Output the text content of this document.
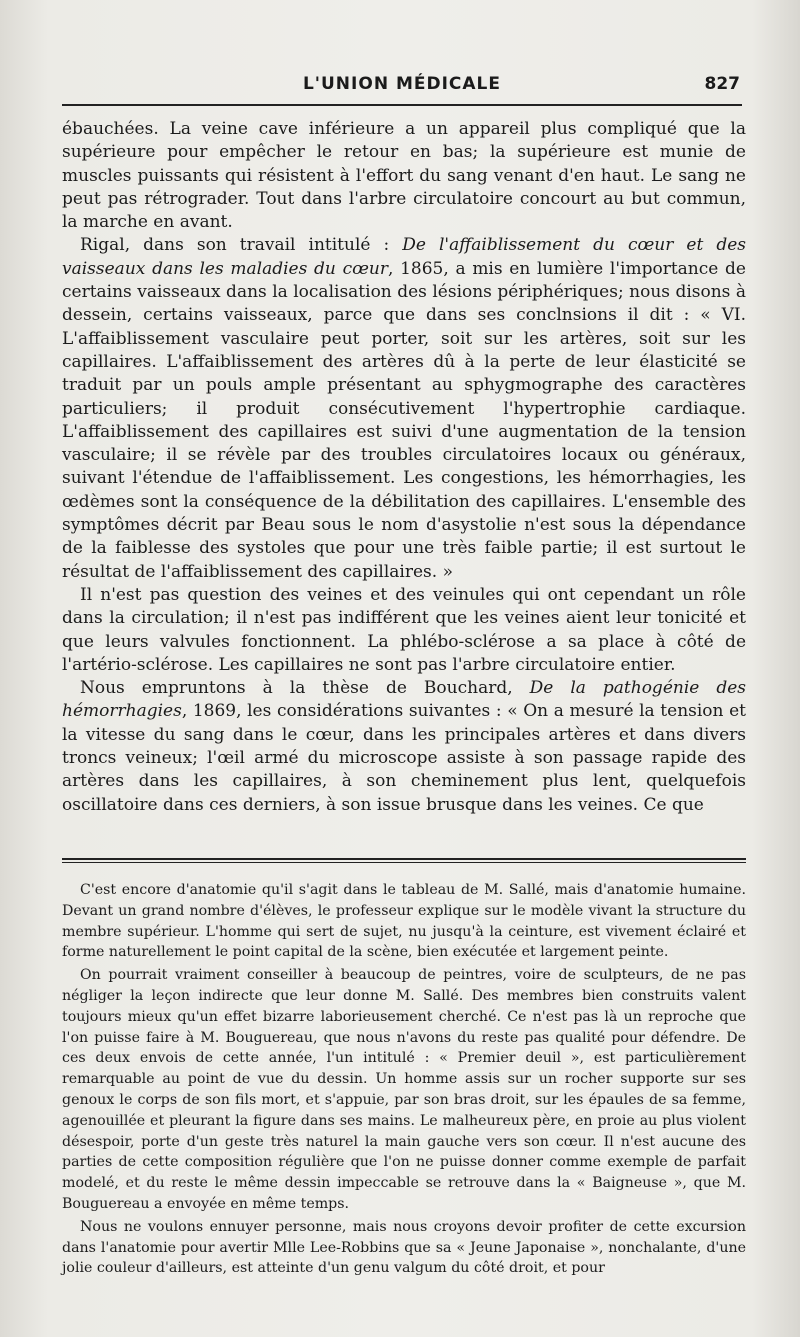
L'UNION MÉDICALE	827

ébauchées. La veine cave inférieure a un appareil plus compliqué que la supérieure pour empêcher le retour en bas; la supérieure est munie de muscles puissants qui résistent à l'effort du sang venant d'en haut. Le sang ne peut pas rétrograder. Tout dans l'arbre circulatoire concourt au but commun, la marche en avant.

Rigal, dans son travail intitulé : De l'affaiblissement du cœur et des vaisseaux dans les maladies du cœur, 1865, a mis en lumière l'importance de certains vaisseaux dans la localisation des lésions périphériques; nous disons à dessein, certains vaisseaux, parce que dans ses conclnsions il dit : « VI. L'affaiblissement vasculaire peut porter, soit sur les artères, soit sur les capillaires. L'affaiblissement des artères dû à la perte de leur élasticité se traduit par un pouls ample présentant au sphygmographe des caractères particuliers; il produit consécutivement l'hypertrophie cardiaque. L'affaiblissement des capillaires est suivi d'une augmentation de la tension vasculaire; il se révèle par des troubles circulatoires locaux ou généraux, suivant l'étendue de l'affaiblissement. Les congestions, les hémorrhagies, les œdèmes sont la conséquence de la débilitation des capillaires. L'ensemble des symptômes décrit par Beau sous le nom d'asystolie n'est sous la dépendance de la faiblesse des systoles que pour une très faible partie; il est surtout le résultat de l'affaiblissement des capillaires. »

Il n'est pas question des veines et des veinules qui ont cependant un rôle dans la circulation; il n'est pas indifférent que les veines aient leur tonicité et que leurs valvules fonctionnent. La phlébo-sclérose a sa place à côté de l'artério-sclérose. Les capillaires ne sont pas l'arbre circulatoire entier.

Nous empruntons à la thèse de Bouchard, De la pathogénie des hémorrhagies, 1869, les considérations suivantes : « On a mesuré la tension et la vitesse du sang dans le cœur, dans les principales artères et dans divers troncs veineux; l'œil armé du microscope assiste à son passage rapide des artères dans les capillaires, à son cheminement plus lent, quelquefois oscillatoire dans ces derniers, à son issue brusque dans les veines. Ce que

C'est encore d'anatomie qu'il s'agit dans le tableau de M. Sallé, mais d'anatomie humaine. Devant un grand nombre d'élèves, le professeur explique sur le modèle vivant la structure du membre supérieur. L'homme qui sert de sujet, nu jusqu'à la ceinture, est vivement éclairé et forme naturellement le point capital de la scène, bien exécutée et largement peinte.

On pourrait vraiment conseiller à beaucoup de peintres, voire de sculpteurs, de ne pas négliger la leçon indirecte que leur donne M. Sallé. Des membres bien construits valent toujours mieux qu'un effet bizarre laborieusement cherché. Ce n'est pas là un reproche que l'on puisse faire à M. Bouguereau, que nous n'avons du reste pas qualité pour défendre. De ces deux envois de cette année, l'un intitulé : « Premier deuil », est particulièrement remarquable au point de vue du dessin. Un homme assis sur un rocher supporte sur ses genoux le corps de son fils mort, et s'appuie, par son bras droit, sur les épaules de sa femme, agenouillée et pleurant la figure dans ses mains. Le malheureux père, en proie au plus violent désespoir, porte d'un geste très naturel la main gauche vers son cœur. Il n'est aucune des parties de cette composition régulière que l'on ne puisse donner comme exemple de parfait modelé, et du reste le même dessin impeccable se retrouve dans la « Baigneuse », que M. Bouguereau a envoyée en même temps.

Nous ne voulons ennuyer personne, mais nous croyons devoir profiter de cette excursion dans l'anatomie pour avertir Mlle Lee-Robbins que sa « Jeune Japonaise », nonchalante, d'une jolie couleur d'ailleurs, est atteinte d'un genu valgum du côté droit, et pour
